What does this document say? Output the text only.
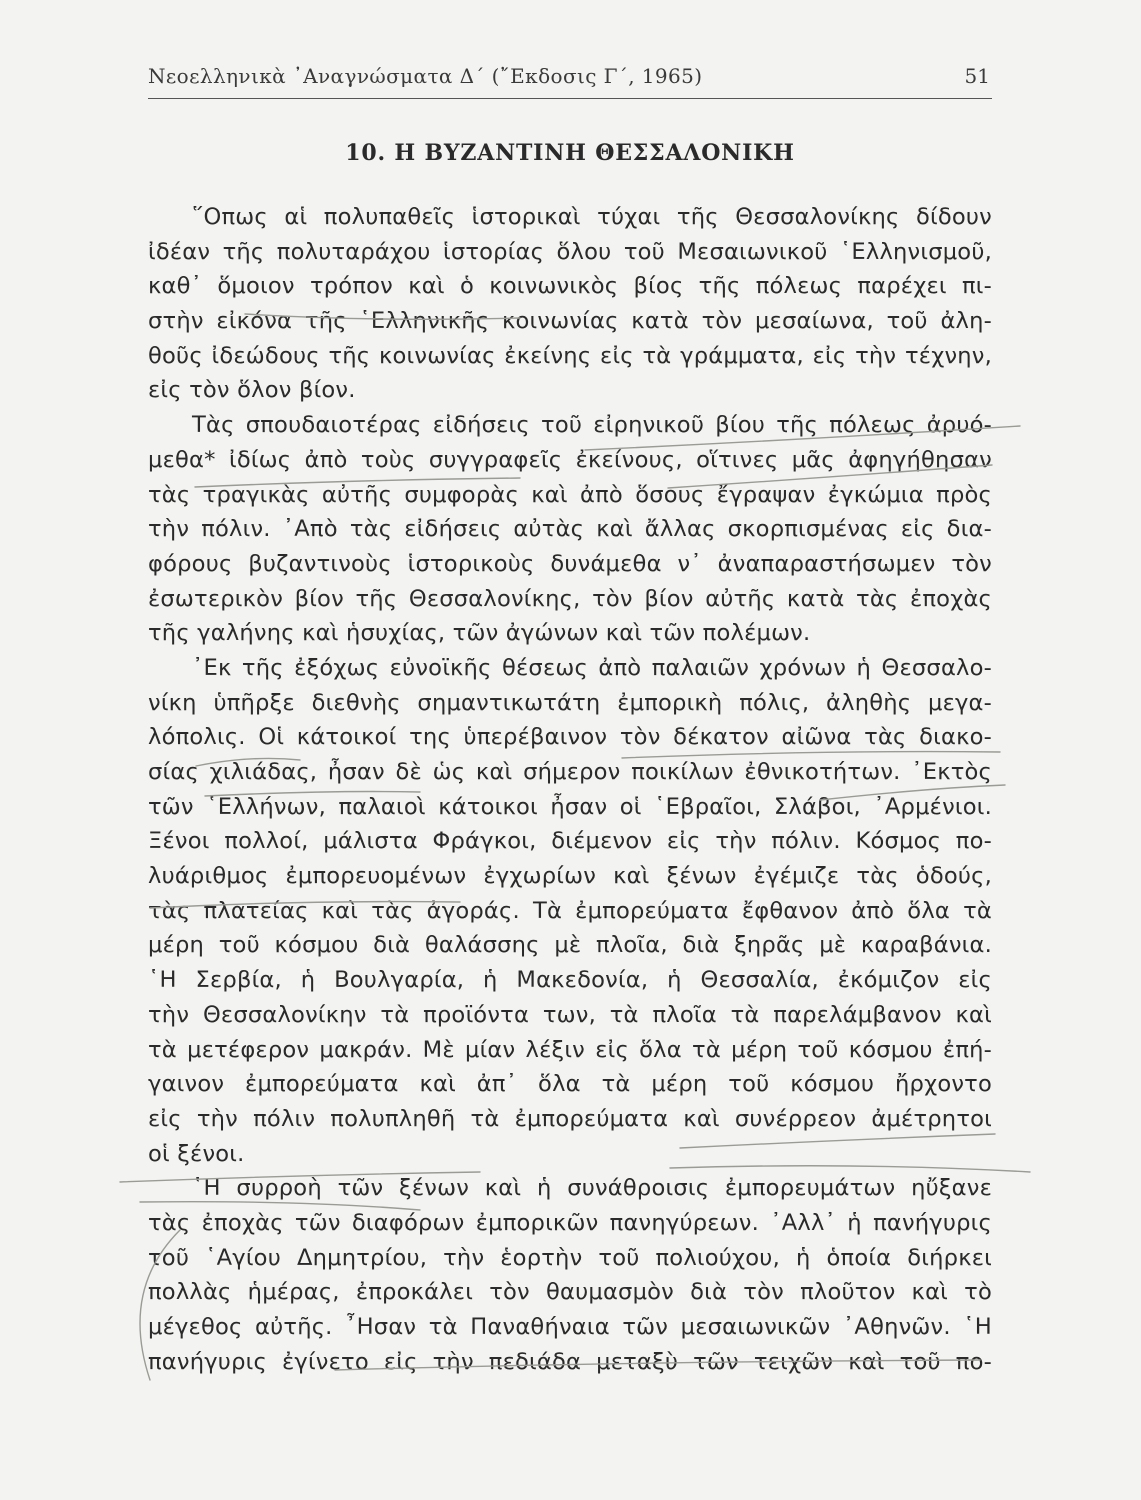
Νεοελληνικὰ ᾿Αναγνώσματα Δ΄ (῎Εκδοσις Γ΄, 1965)	51
10. Η ΒΥΖΑΝΤΙΝΗ ΘΕΣΣΑΛΟΝΙΚΗ
῞Οπως αἱ πολυπαθεῖς ἱστορικαὶ τύχαι τῆς Θεσσαλονίκης δίδουν
ἰδέαν τῆς πολυταράχου ἱστορίας ὅλου τοῦ Μεσαιωνικοῦ ῾Ελληνισμοῦ,
καθ᾿ ὅμοιον τρόπον καὶ ὁ κοινωνικὸς βίος τῆς πόλεως παρέχει πι-
στὴν εἰκόνα τῆς ῾Ελληνικῆς κοινωνίας κατὰ τὸν μεσαίωνα, τοῦ ἀλη-
θοῦς ἰδεώδους τῆς κοινωνίας ἐκείνης εἰς τὰ γράμματα, εἰς τὴν τέχνην,
εἰς τὸν ὅλον βίον.
Τὰς σπουδαιοτέρας εἰδήσεις τοῦ εἰρηνικοῦ βίου τῆς πόλεως ἀρυό-
μεθα* ἰδίως ἀπὸ τοὺς συγγραφεῖς ἐκείνους, οἵτινες μᾶς ἀφηγήθησαν
τὰς τραγικὰς αὐτῆς συμφορὰς καὶ ἀπὸ ὅσους ἔγραψαν ἐγκώμια πρὸς
τὴν πόλιν. ᾿Απὸ τὰς εἰδήσεις αὐτὰς καὶ ἄλλας σκορπισμένας εἰς δια-
φόρους βυζαντινοὺς ἱστορικοὺς δυνάμεθα ν᾿ ἀναπαραστήσωμεν τὸν
ἐσωτερικὸν βίον τῆς Θεσσαλονίκης, τὸν βίον αὐτῆς κατὰ τὰς ἐποχὰς
τῆς γαλήνης καὶ ἡσυχίας, τῶν ἀγώνων καὶ τῶν πολέμων.
᾿Εκ τῆς ἐξόχως εὐνοϊκῆς θέσεως ἀπὸ παλαιῶν χρόνων ἡ Θεσσαλο-
νίκη ὑπῆρξε διεθνὴς σημαντικωτάτη ἐμπορικὴ πόλις, ἀληθὴς μεγα-
λόπολις. Οἱ κάτοικοί της ὑπερέβαινον τὸν δέκατον αἰῶνα τὰς διακο-
σίας χιλιάδας, ἦσαν δὲ ὡς καὶ σήμερον ποικίλων ἐθνικοτήτων. ᾿Εκτὸς
τῶν ῾Ελλήνων, παλαιοὶ κάτοικοι ἦσαν οἱ ῾Εβραῖοι, Σλάβοι, ᾿Αρμένιοι.
Ξένοι πολλοί, μάλιστα Φράγκοι, διέμενον εἰς τὴν πόλιν. Κόσμος πο-
λυάριθμος ἐμπορευομένων ἐγχωρίων καὶ ξένων ἐγέμιζε τὰς ὁδούς,
τὰς πλατείας καὶ τὰς ἀγοράς. Τὰ ἐμπορεύματα ἔφθανον ἀπὸ ὅλα τὰ
μέρη τοῦ κόσμου διὰ θαλάσσης μὲ πλοῖα, διὰ ξηρᾶς μὲ καραβάνια.
῾Η Σερβία, ἡ Βουλγαρία, ἡ Μακεδονία, ἡ Θεσσαλία, ἐκόμιζον εἰς
τὴν Θεσσαλονίκην τὰ προϊόντα των, τὰ πλοῖα τὰ παρελάμβανον καὶ
τὰ μετέφερον μακράν. Μὲ μίαν λέξιν εἰς ὅλα τὰ μέρη τοῦ κόσμου ἐπή-
γαινον ἐμπορεύματα καὶ ἀπ᾿ ὅλα τὰ μέρη τοῦ κόσμου ἤρχοντο
εἰς τὴν πόλιν πολυπληθῆ τὰ ἐμπορεύματα καὶ συνέρρεον ἀμέτρητοι
οἱ ξένοι.
῾Η συρροὴ τῶν ξένων καὶ ἡ συνάθροισις ἐμπορευμάτων ηὔξανε
τὰς ἐποχὰς τῶν διαφόρων ἐμπορικῶν πανηγύρεων. ᾿Αλλ᾿ ἡ πανήγυρις
τοῦ ῾Αγίου Δημητρίου, τὴν ἑορτὴν τοῦ πολιούχου, ἡ ὁποία διήρκει
πολλὰς ἡμέρας, ἐπροκάλει τὸν θαυμασμὸν διὰ τὸν πλοῦτον καὶ τὸ
μέγεθος αὐτῆς. ῏Ησαν τὰ Παναθήναια τῶν μεσαιωνικῶν ᾿Αθηνῶν. ῾Η
πανήγυρις ἐγίνετο εἰς τὴν πεδιάδα μεταξὺ τῶν τειχῶν καὶ τοῦ πο-
